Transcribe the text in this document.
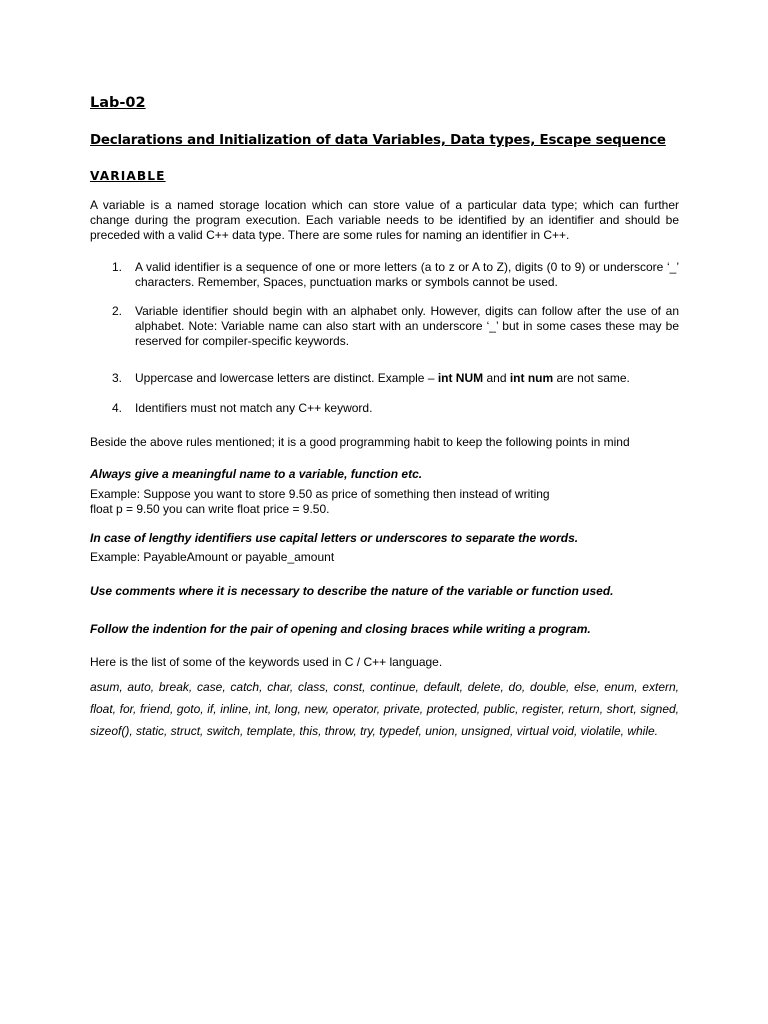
Lab-02
Declarations and Initialization of data Variables, Data types, Escape sequence
VARIABLE

A variable is a named storage location which can store value of a particular data type; which can further change during the program execution. Each variable needs to be identified by an identifier and should be preceded with a valid C++ data type. There are some rules for naming an identifier in C++.

1. A valid identifier is a sequence of one or more letters (a to z or A to Z), digits (0 to 9) or underscore ‘_’ characters. Remember, Spaces, punctuation marks or symbols cannot be used.
2. Variable identifier should begin with an alphabet only. However, digits can follow after the use of an alphabet. Note: Variable name can also start with an underscore ‘_’ but in some cases these may be reserved for compiler-specific keywords.
3. Uppercase and lowercase letters are distinct. Example – int NUM and int num are not same.
4. Identifiers must not match any C++ keyword.
Beside the above rules mentioned; it is a good programming habit to keep the following points in mind
Always give a meaningful name to a variable, function etc.
Example: Suppose you want to store 9.50 as price of something then instead of writing
float p = 9.50 you can write float price = 9.50.
In case of lengthy identifiers use capital letters or underscores to separate the words.
Example: PayableAmount or payable_amount
Use comments where it is necessary to describe the nature of the variable or function used.
Follow the indention for the pair of opening and closing braces while writing a program.
Here is the list of some of the keywords used in C / C++ language.

asum, auto, break, case, catch, char, class, const, continue, default, delete, do, double, else, enum, extern, float, for, friend, goto, if, inline, int, long, new, operator, private, protected, public, register, return, short, signed, sizeof(), static, struct, switch, template, this, throw, try, typedef, union, unsigned, virtual void, violatile, while.
